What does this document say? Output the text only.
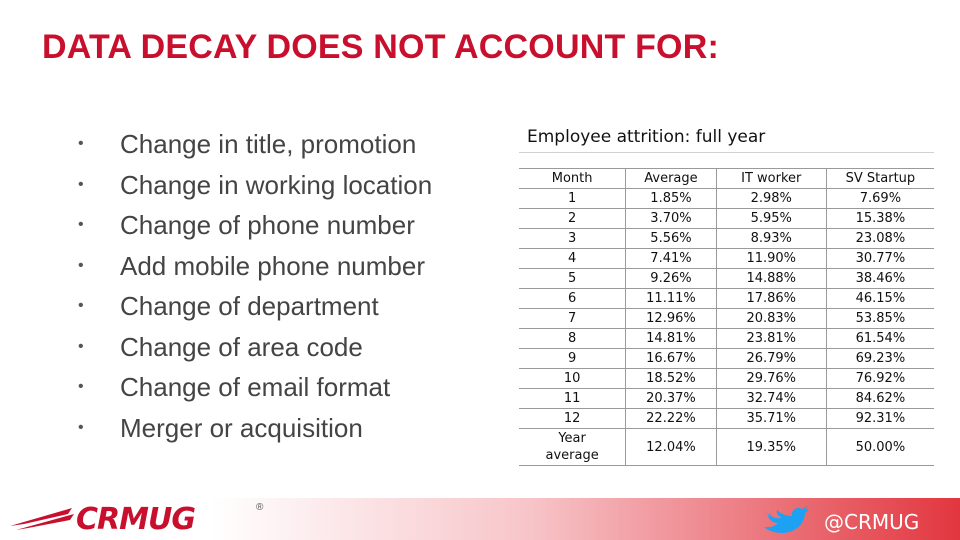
DATA DECAY DOES NOT ACCOUNT FOR:
• Change in title, promotion
• Change in working location
• Change of phone number
• Add mobile phone number
• Change of department
• Change of area code
• Change of email format
• Merger or acquisition
Employee attrition: full year
Month	Average	IT worker	SV Startup
1	1.85%	2.98%	7.69%
2	3.70%	5.95%	15.38%
3	5.56%	8.93%	23.08%
4	7.41%	11.90%	30.77%
5	9.26%	14.88%	38.46%
6	11.11%	17.86%	46.15%
7	12.96%	20.83%	53.85%
8	14.81%	23.81%	61.54%
9	16.67%	26.79%	69.23%
10	18.52%	29.76%	76.92%
11	20.37%	32.74%	84.62%
12	22.22%	35.71%	92.31%

Year
average	12.04%	19.35%	50.00%
CRMUG	®
@CRMUG
